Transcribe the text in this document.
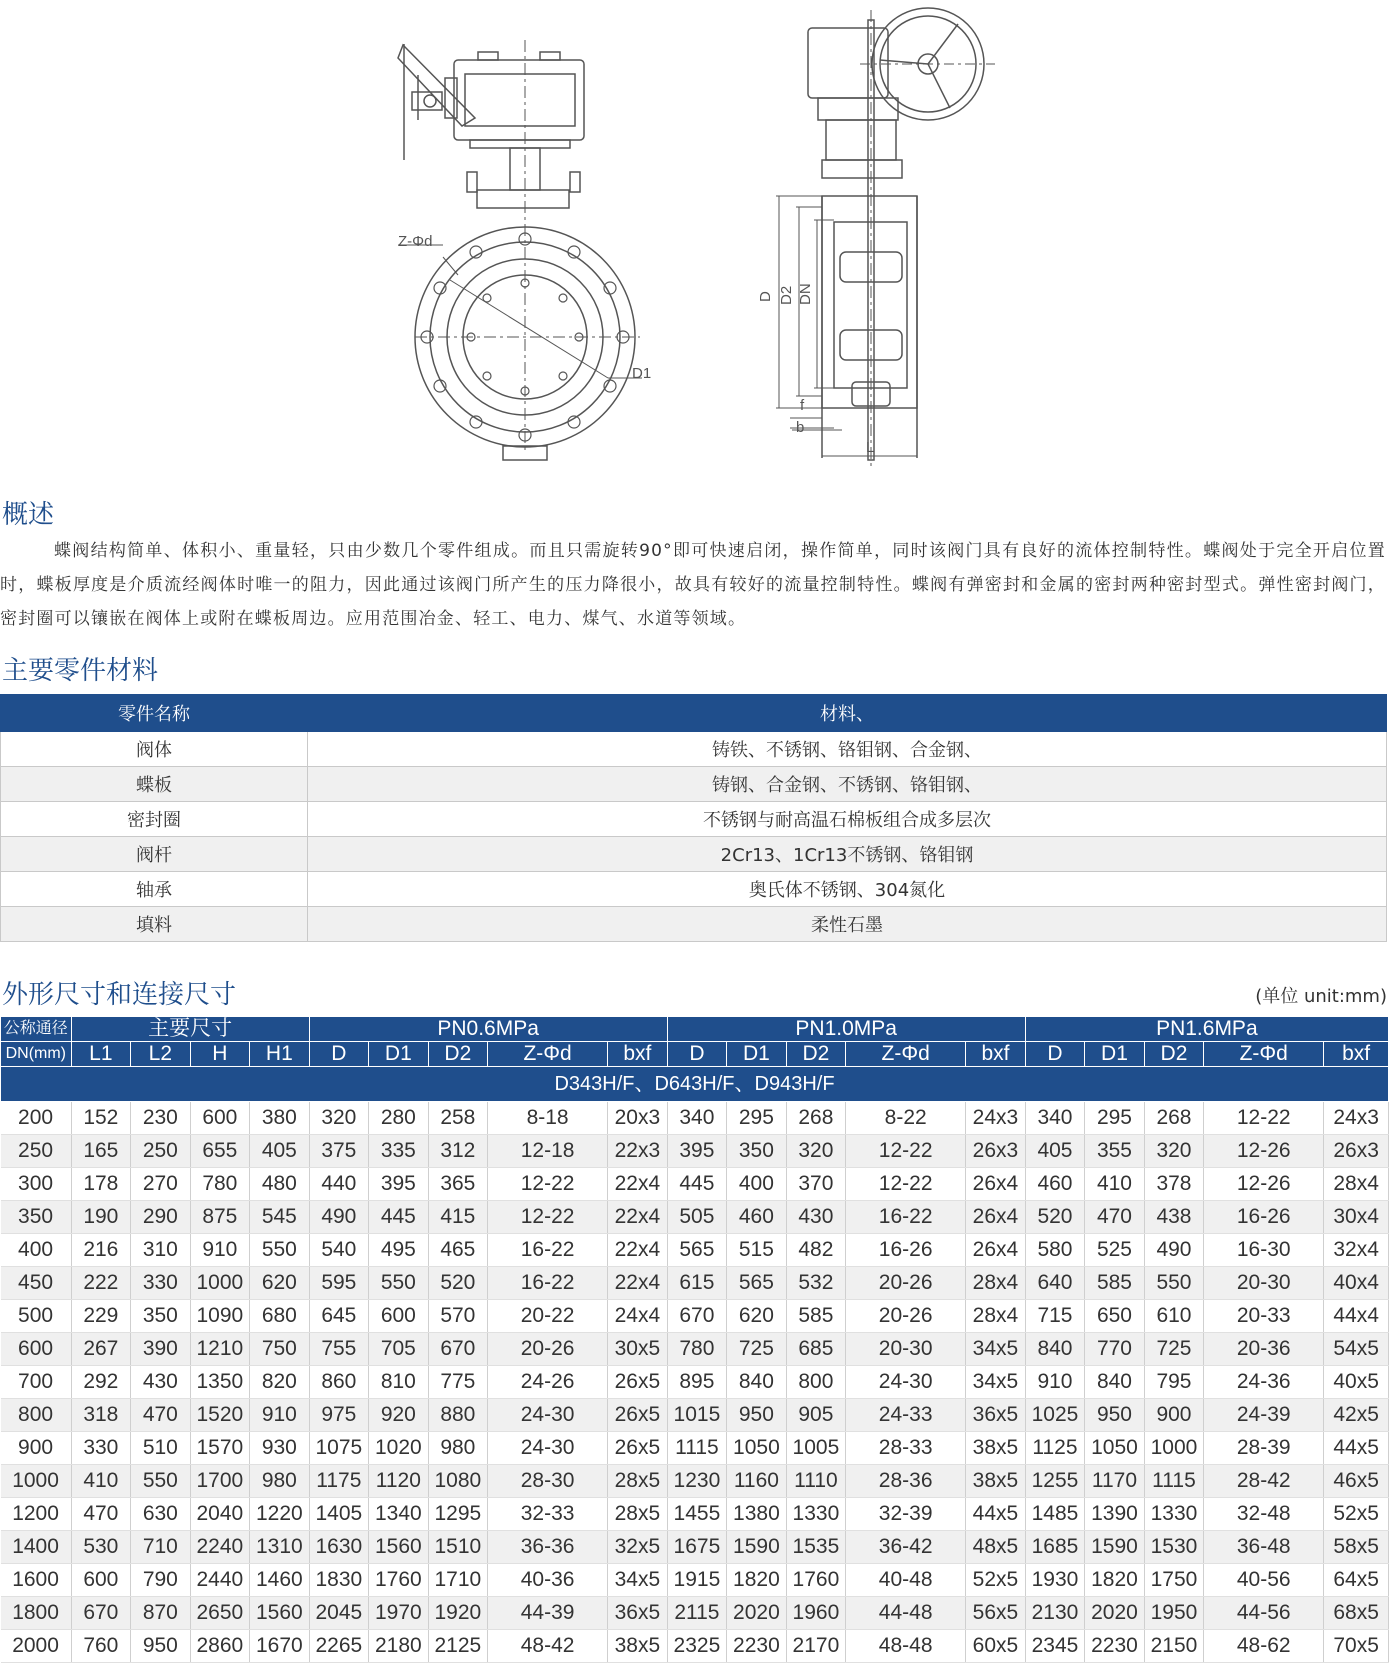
Z-Φd
D1
D D2 DN
f
b
L
概述

蝶阀结构简单、体积小、重量轻，只由少数几个零件组成。而且只需旋转90°即可快速启闭，操作简单，同时该阀门具有良好的流体控制特性。蝶阀处于完全开启位置时，蝶板厚度是介质流经阀体时唯一的阻力，因此通过该阀门所产生的压力降很小，故具有较好的流量控制特性。蝶阀有弹密封和金属的密封两种密封型式。弹性密封阀门，密封圈可以镶嵌在阀体上或附在蝶板周边。应用范围冶金、轻工、电力、煤气、水道等领域。

主要零件材料
零件名称	材料、
阀体	铸铁、不锈钢、铬钼钢、合金钢、
蝶板	铸钢、合金钢、不锈钢、铬钼钢、
密封圈	不锈钢与耐高温石棉板组合成多层次
阀杆	2Cr13、1Cr13不锈钢、铬钼钢
轴承	奥氏体不锈钢、304氮化
填料	柔性石墨
外形尺寸和连接尺寸	(单位 unit:mm)

公称通径	主要尺寸				PN0.6MPa					PN1.0MPa					PN1.6MPa				
DN(mm)	L1	L2	H	H1	D	D1	D2	Z-Φd	bxf	D	D1	D2	Z-Φd	bxf	D	D1	D2	Z-Φd	bxf
D343H/F、D643H/F、D943H/F																			
200	152	230	600	380	320	280	258	8-18	20x3	340	295	268	8-22	24x3	340	295	268	12-22	24x3
250	165	250	655	405	375	335	312	12-18	22x3	395	350	320	12-22	26x3	405	355	320	12-26	26x3
300	178	270	780	480	440	395	365	12-22	22x4	445	400	370	12-22	26x4	460	410	378	12-26	28x4
350	190	290	875	545	490	445	415	12-22	22x4	505	460	430	16-22	26x4	520	470	438	16-26	30x4
400	216	310	910	550	540	495	465	16-22	22x4	565	515	482	16-26	26x4	580	525	490	16-30	32x4
450	222	330	1000	620	595	550	520	16-22	22x4	615	565	532	20-26	28x4	640	585	550	20-30	40x4
500	229	350	1090	680	645	600	570	20-22	24x4	670	620	585	20-26	28x4	715	650	610	20-33	44x4
600	267	390	1210	750	755	705	670	20-26	30x5	780	725	685	20-30	34x5	840	770	725	20-36	54x5
700	292	430	1350	820	860	810	775	24-26	26x5	895	840	800	24-30	34x5	910	840	795	24-36	40x5
800	318	470	1520	910	975	920	880	24-30	26x5	1015	950	905	24-33	36x5	1025	950	900	24-39	42x5
900	330	510	1570	930	1075	1020	980	24-30	26x5	1115	1050	1005	28-33	38x5	1125	1050	1000	28-39	44x5
1000	410	550	1700	980	1175	1120	1080	28-30	28x5	1230	1160	1110	28-36	38x5	1255	1170	1115	28-42	46x5
1200	470	630	2040	1220	1405	1340	1295	32-33	28x5	1455	1380	1330	32-39	44x5	1485	1390	1330	32-48	52x5
1400	530	710	2240	1310	1630	1560	1510	36-36	32x5	1675	1590	1535	36-42	48x5	1685	1590	1530	36-48	58x5
1600	600	790	2440	1460	1830	1760	1710	40-36	34x5	1915	1820	1760	40-48	52x5	1930	1820	1750	40-56	64x5
1800	670	870	2650	1560	2045	1970	1920	44-39	36x5	2115	2020	1960	44-48	56x5	2130	2020	1950	44-56	68x5
2000	760	950	2860	1670	2265	2180	2125	48-42	38x5	2325	2230	2170	48-48	60x5	2345	2230	2150	48-62	70x5
